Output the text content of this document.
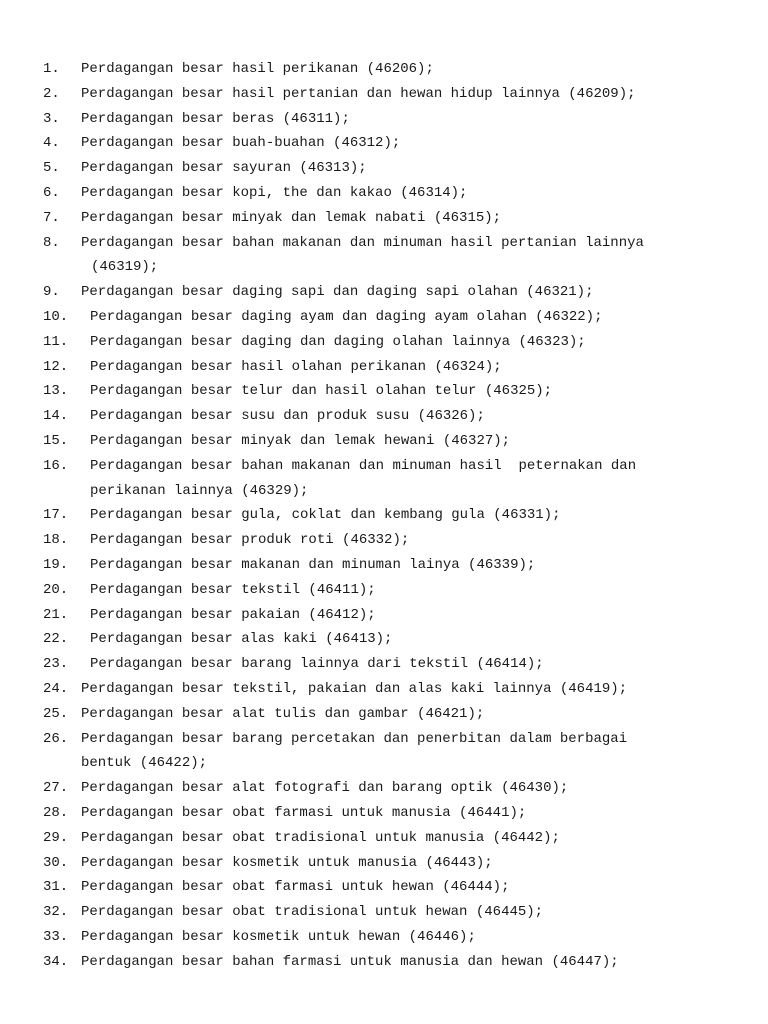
1. Perdagangan besar hasil perikanan (46206);
2. Perdagangan besar hasil pertanian dan hewan hidup lainnya (46209);
3. Perdagangan besar beras (46311);
4. Perdagangan besar buah-buahan (46312);
5. Perdagangan besar sayuran (46313);
6. Perdagangan besar kopi, the dan kakao (46314);
7. Perdagangan besar minyak dan lemak nabati (46315);
8. Perdagangan besar bahan makanan dan minuman hasil pertanian lainnya
(46319);
9. Perdagangan besar daging sapi dan daging sapi olahan (46321);
10. Perdagangan besar daging ayam dan daging ayam olahan (46322);
11. Perdagangan besar daging dan daging olahan lainnya (46323);
12. Perdagangan besar hasil olahan perikanan (46324);
13. Perdagangan besar telur dan hasil olahan telur (46325);
14. Perdagangan besar susu dan produk susu (46326);
15. Perdagangan besar minyak dan lemak hewani (46327);
16. Perdagangan besar bahan makanan dan minuman hasil  peternakan dan
perikanan lainnya (46329);
17. Perdagangan besar gula, coklat dan kembang gula (46331);
18. Perdagangan besar produk roti (46332);
19. Perdagangan besar makanan dan minuman lainya (46339);
20. Perdagangan besar tekstil (46411);
21. Perdagangan besar pakaian (46412);
22. Perdagangan besar alas kaki (46413);
23. Perdagangan besar barang lainnya dari tekstil (46414);
24. Perdagangan besar tekstil, pakaian dan alas kaki lainnya (46419);
25. Perdagangan besar alat tulis dan gambar (46421);
26. Perdagangan besar barang percetakan dan penerbitan dalam berbagai
bentuk (46422);
27. Perdagangan besar alat fotografi dan barang optik (46430);
28. Perdagangan besar obat farmasi untuk manusia (46441);
29. Perdagangan besar obat tradisional untuk manusia (46442);
30. Perdagangan besar kosmetik untuk manusia (46443);
31. Perdagangan besar obat farmasi untuk hewan (46444);
32. Perdagangan besar obat tradisional untuk hewan (46445);
33. Perdagangan besar kosmetik untuk hewan (46446);
34. Perdagangan besar bahan farmasi untuk manusia dan hewan (46447);
